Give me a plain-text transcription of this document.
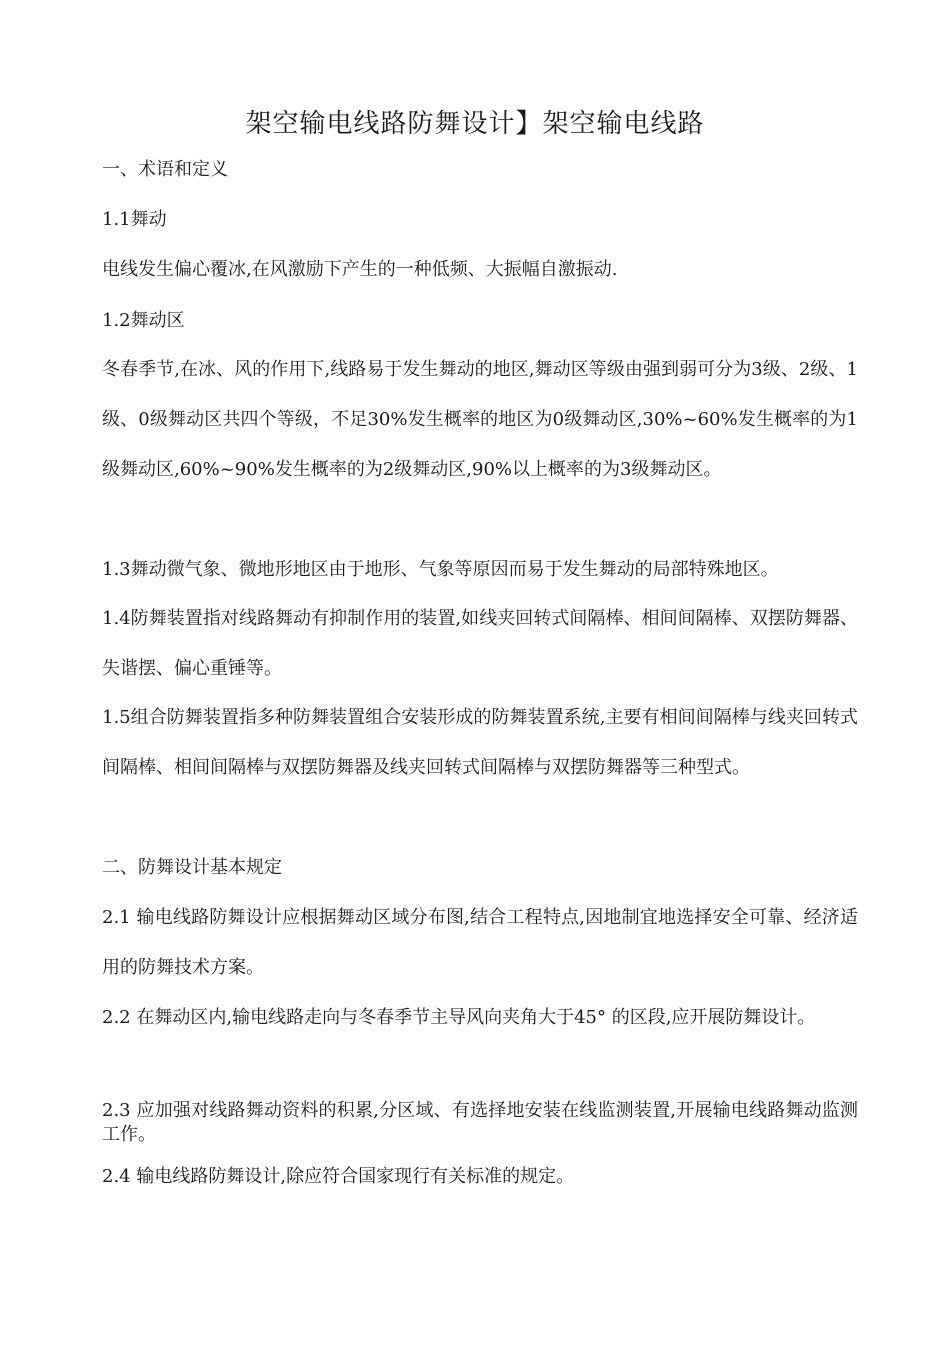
架空输电线路防舞设计】架空输电线路
一、术语和定义
1.1舞动
电线发生偏心覆冰,在风激励下产生的一种低频、大振幅自激振动.
1.2舞动区
冬春季节,在冰、风的作用下,线路易于发生舞动的地区,舞动区等级由强到弱可分为3级、2级、1级、0级舞动区共四个等级，不足30%发生概率的地区为0级舞动区,30%~60%发生概率的为1级舞动区,60%~90%发生概率的为2级舞动区,90%以上概率的为3级舞动区。
1.3舞动微气象、微地形地区由于地形、气象等原因而易于发生舞动的局部特殊地区。
1.4防舞装置指对线路舞动有抑制作用的装置,如线夹回转式间隔棒、相间间隔棒、双摆防舞器、失谐摆、偏心重锤等。
1.5组合防舞装置指多种防舞装置组合安装形成的防舞装置系统,主要有相间间隔棒与线夹回转式间隔棒、相间间隔棒与双摆防舞器及线夹回转式间隔棒与双摆防舞器等三种型式。
二、防舞设计基本规定
2.1 输电线路防舞设计应根据舞动区域分布图,结合工程特点,因地制宜地选择安全可靠、经济适用的防舞技术方案。
2.2 在舞动区内,输电线路走向与冬春季节主导风向夹角大于45° 的区段,应开展防舞设计。
2.3 应加强对线路舞动资料的积累,分区域、有选择地安装在线监测装置,开展输电线路舞动监测工作。
2.4 输电线路防舞设计,除应符合国家现行有关标准的规定。
